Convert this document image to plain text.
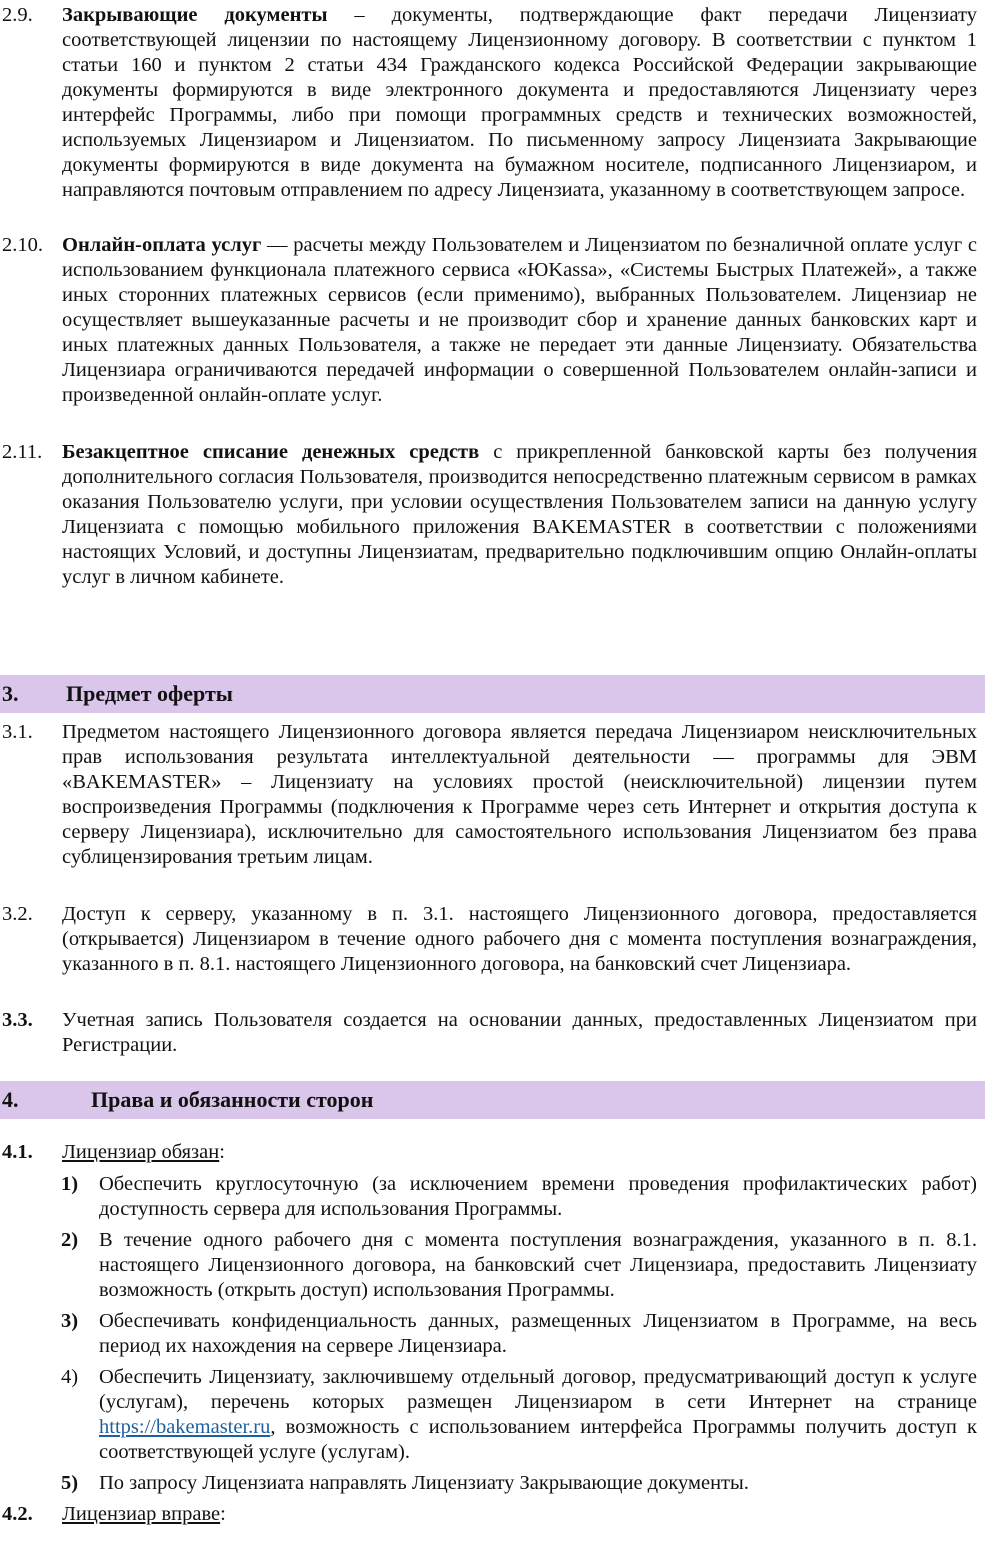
2.9. Закрывающие документы – документы, подтверждающие факт передачи Лицензиату соответствующей лицензии по настоящему Лицензионному договору. В соответствии с пунктом 1 статьи 160 и пунктом 2 статьи 434 Гражданского кодекса Российской Федерации закрывающие документы формируются в виде электронного документа и предоставляются Лицензиату через интерфейс Программы, либо при помощи программных средств и технических возможностей, используемых Лицензиаром и Лицензиатом. По письменному запросу Лицензиата Закрывающие документы формируются в виде документа на бумажном носителе, подписанного Лицензиаром, и направляются почтовым отправлением по адресу Лицензиата, указанному в соответствующем запросе.

2.10. Онлайн-оплата услуг — расчеты между Пользователем и Лицензиатом по безналичной оплате услуг с использованием функционала платежного сервиса «ЮKassa», «Системы Быстрых Платежей», а также иных сторонних платежных сервисов (если применимо), выбранных Пользователем. Лицензиар не осуществляет вышеуказанные расчеты и не производит сбор и хранение данных банковских карт и иных платежных данных Пользователя, а также не передает эти данные Лицензиату. Обязательства Лицензиара ограничиваются передачей информации о совершенной Пользователем онлайн-записи и произведенной онлайн-оплате услуг.

2.11. Безакцептное списание денежных средств с прикрепленной банковской карты без получения дополнительного согласия Пользователя, производится непосредственно платежным сервисом в рамках оказания Пользователю услуги, при условии осуществления Пользователем записи на данную услугу Лицензиата с помощью мобильного приложения BAKEMASTER в соответствии с положениями настоящих Условий, и доступны Лицензиатам, предварительно подключившим опцию Онлайн-оплаты услуг в личном кабинете.

3. Предмет оферты

3.1. Предметом настоящего Лицензионного договора является передача Лицензиаром неисключительных прав использования результата интеллектуальной деятельности — программы для ЭВМ «BAKEMASTER» – Лицензиату на условиях простой (неисключительной) лицензии путем воспроизведения Программы (подключения к Программе через сеть Интернет и открытия доступа к серверу Лицензиара), исключительно для самостоятельного использования Лицензиатом без права сублицензирования третьим лицам.

3.2. Доступ к серверу, указанному в п. 3.1. настоящего Лицензионного договора, предоставляется (открывается) Лицензиаром в течение одного рабочего дня с момента поступления вознаграждения, указанного в п. 8.1. настоящего Лицензионного договора, на банковский счет Лицензиара.

3.3. Учетная запись Пользователя создается на основании данных, предоставленных Лицензиатом при Регистрации.

4.	Права и обязанности сторон

4.1. Лицензиар обязан:

1) Обеспечить круглосуточную (за исключением времени проведения профилактических работ) доступность сервера для использования Программы.

2) В течение одного рабочего дня с момента поступления вознаграждения, указанного в п. 8.1. настоящего Лицензионного договора, на банковский счет Лицензиара, предоставить Лицензиату возможность (открыть доступ) использования Программы.

3) Обеспечивать конфиденциальность данных, размещенных Лицензиатом в Программе, на весь период их нахождения на сервере Лицензиара.

4) Обеспечить Лицензиату, заключившему отдельный договор, предусматривающий доступ к услуге (услугам), перечень которых размещен Лицензиаром в сети Интернет на странице https://bakemaster.ru, возможность с использованием интерфейса Программы получить доступ к соответствующей услуге (услугам).

5) По запросу Лицензиата направлять Лицензиату Закрывающие документы.

4.2. Лицензиар вправе:
